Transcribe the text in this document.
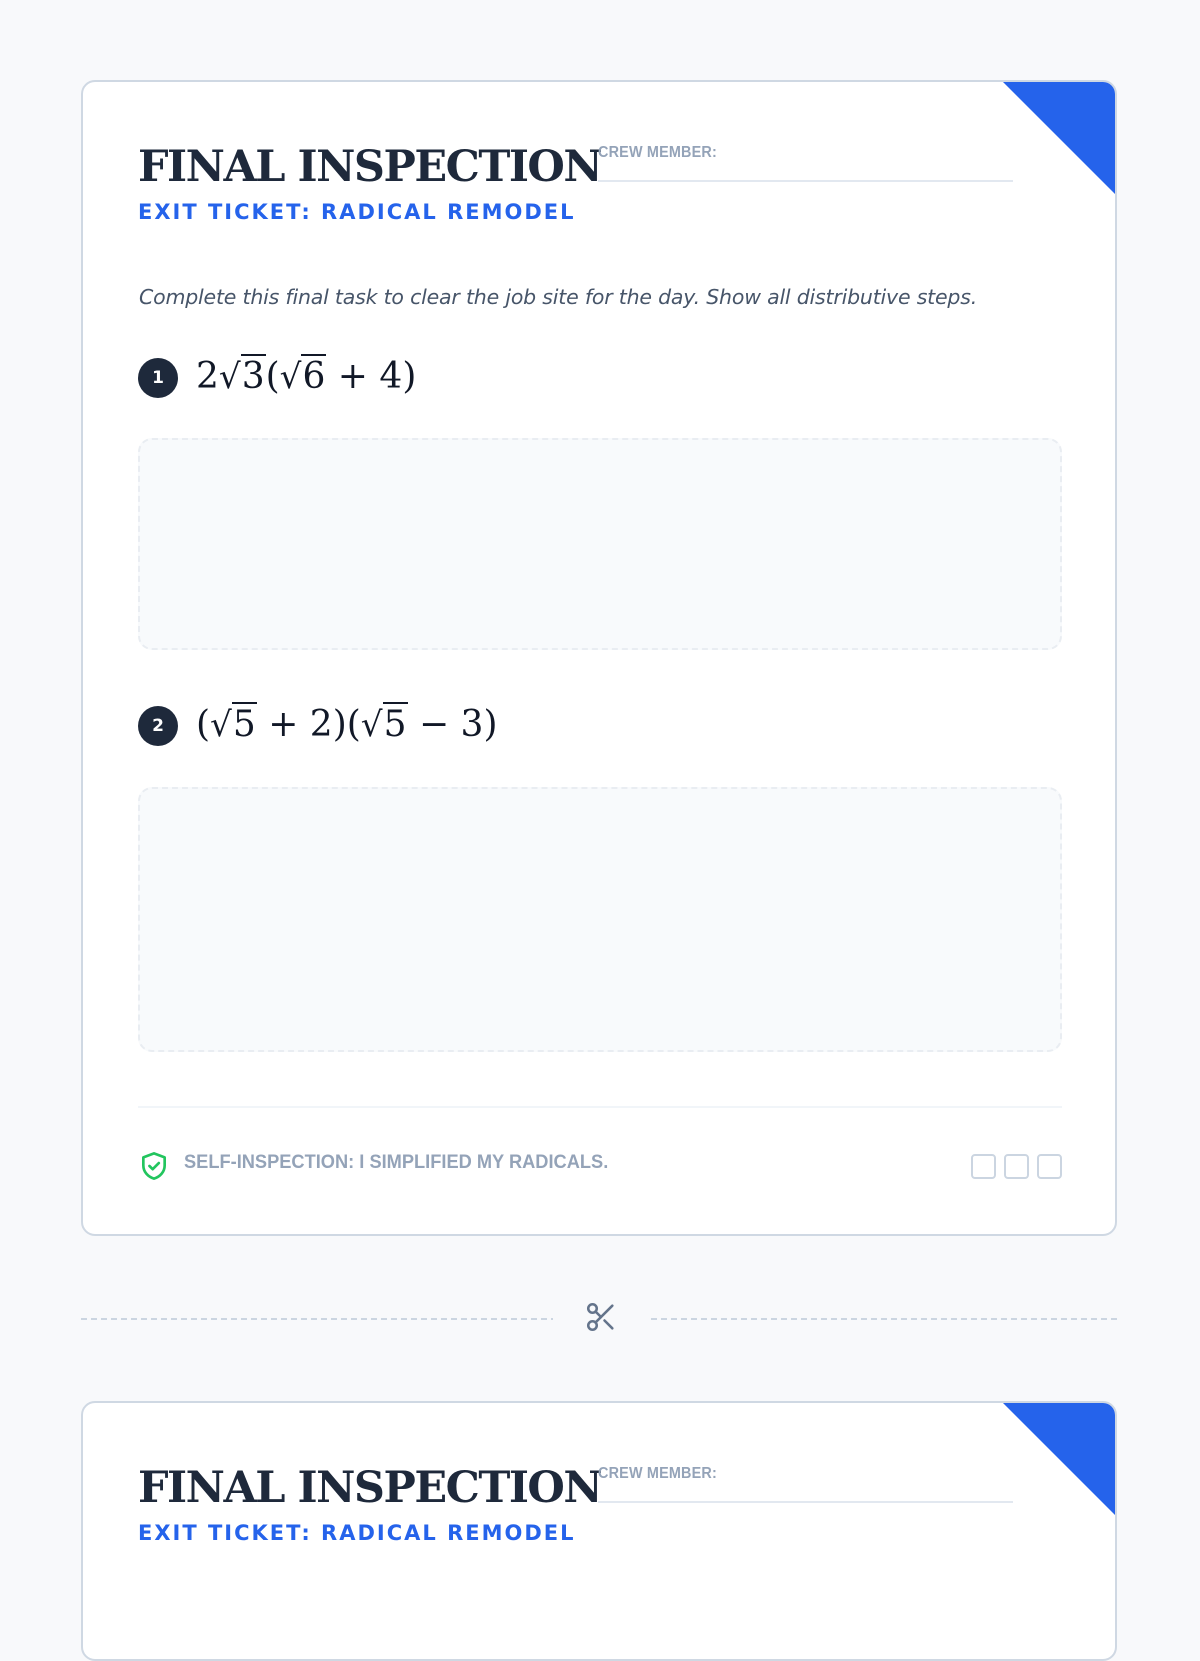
FINAL INSPECTION
EXIT TICKET: RADICAL REMODEL
CREW MEMBER:
Complete this final task to clear the job site for the day. Show all distributive steps.
1 2√3(√6 + 4)
2 (√5 + 2)(√5 − 3)
SELF-INSPECTION: I SIMPLIFIED MY RADICALS.
FINAL INSPECTION
EXIT TICKET: RADICAL REMODEL
CREW MEMBER:
